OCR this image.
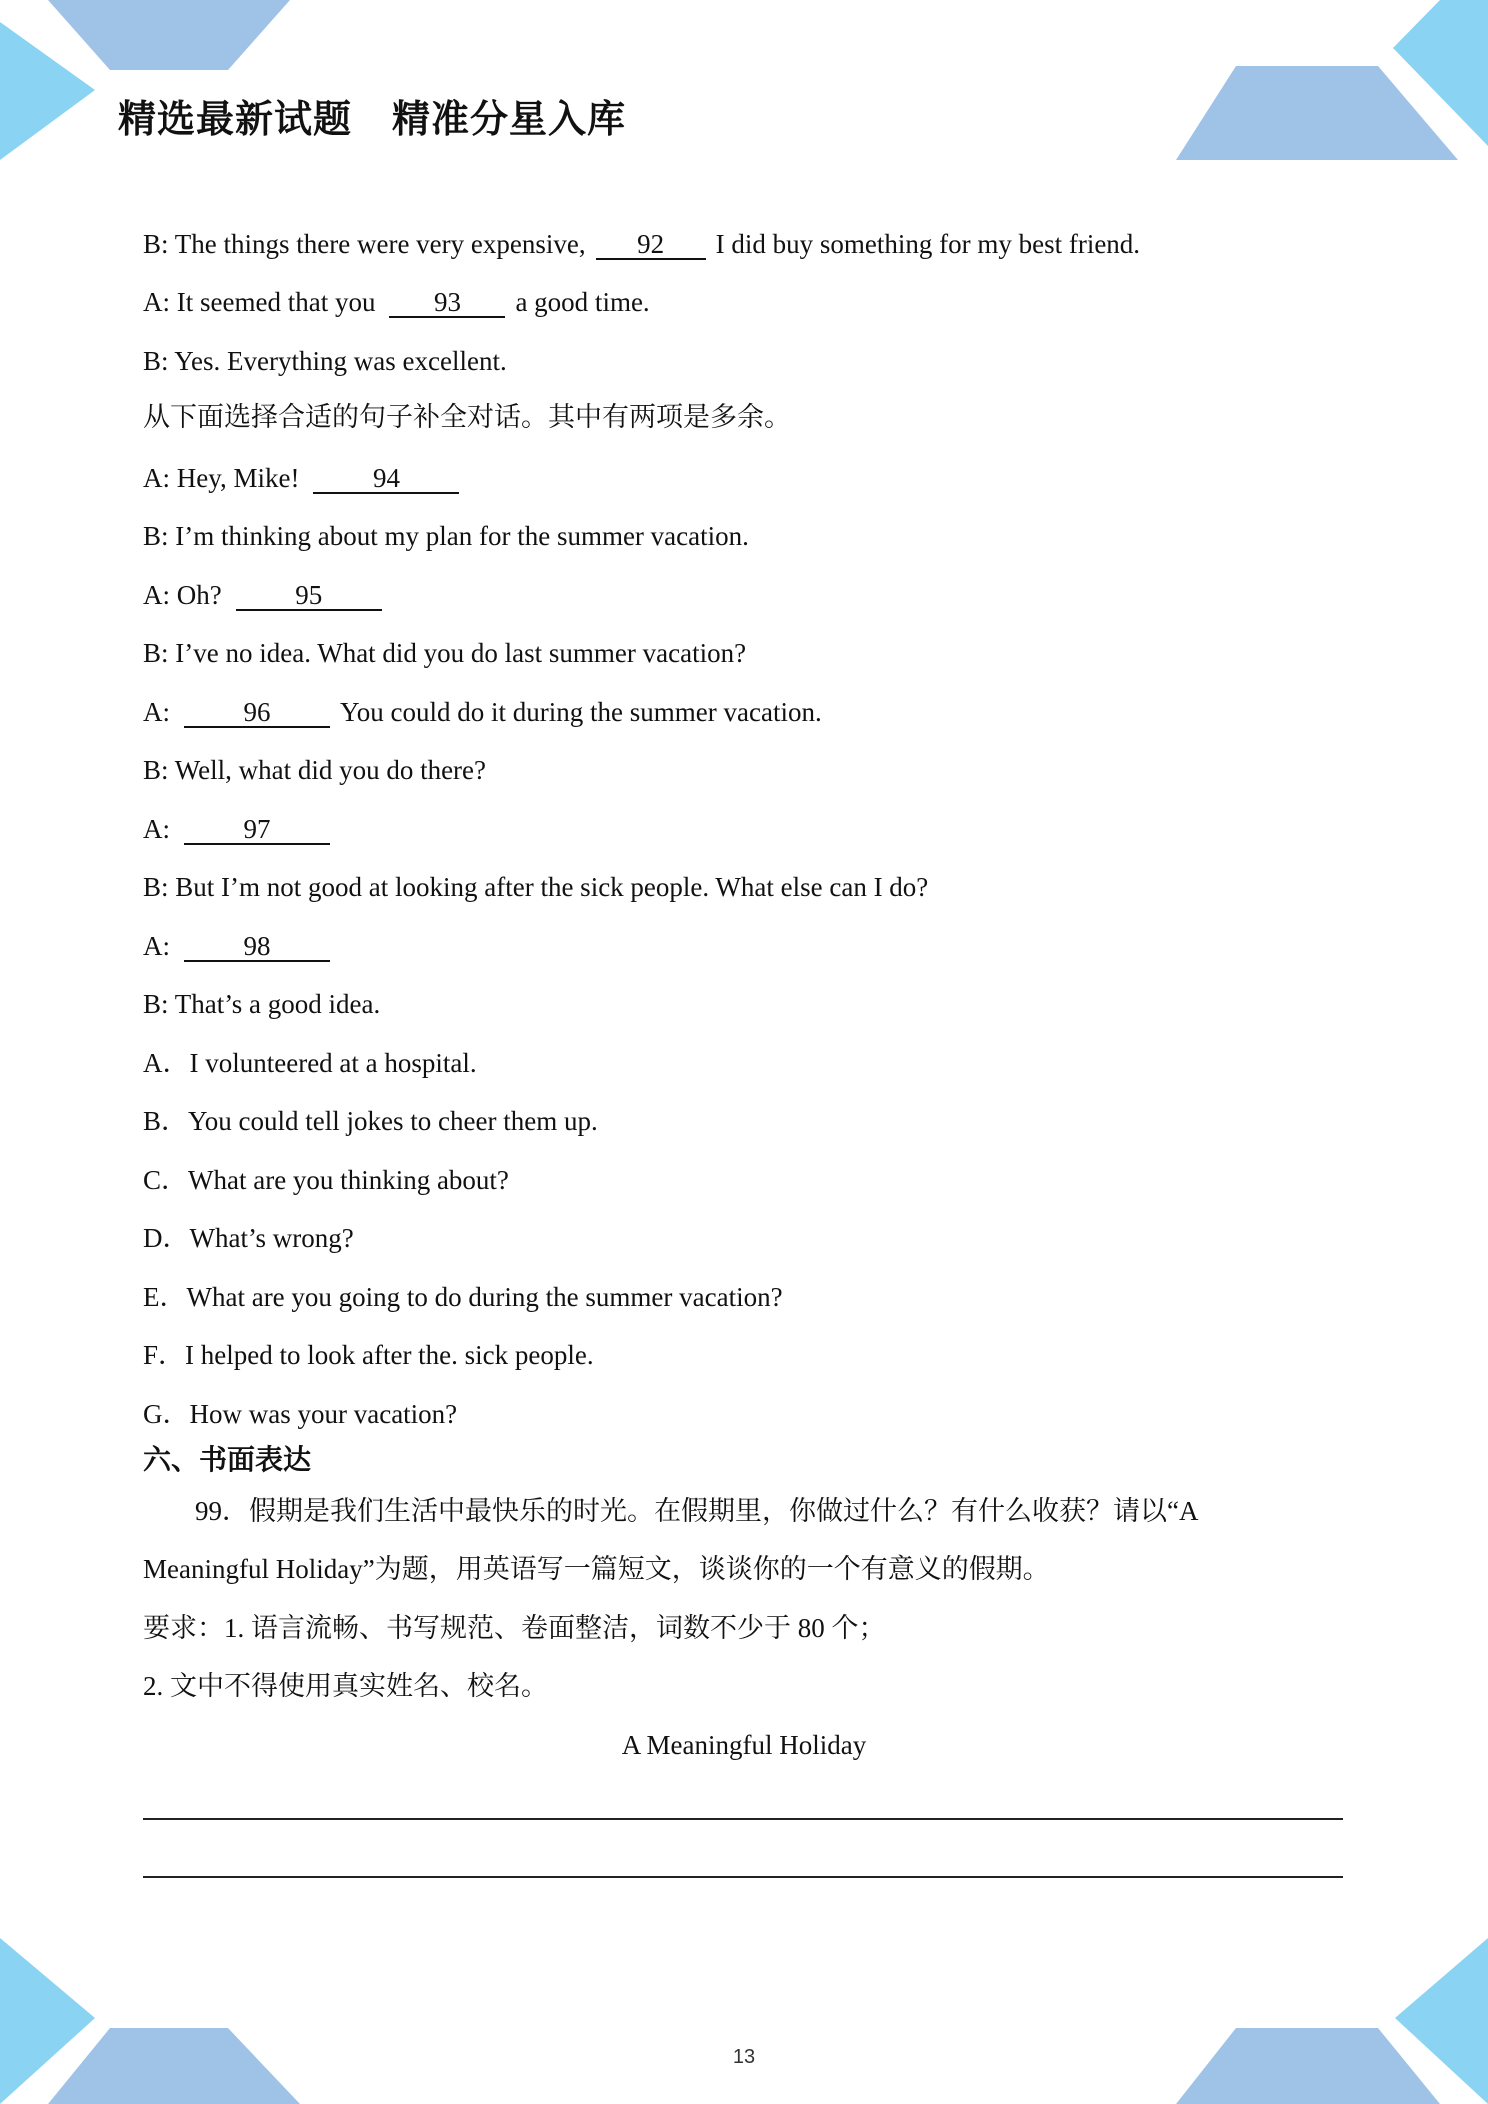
精选最新试题 精准分星入库
B: The things there were very expensive, 92 I did buy something for my best friend.
A: It seemed that you 93 a good time.
B: Yes. Everything was excellent.
从下面选择合适的句子补全对话。其中有两项是多余。
A: Hey, Mike!	94
B: I’m thinking about my plan for the summer vacation.
A: Oh?	95
B: I’ve no idea. What did you do last summer vacation?
A:	96	You could do it during the summer vacation.
B: Well, what did you do there?
A:	97
B: But I’m not good at looking after the sick people. What else can I do?
A:	98
B: That’s a good idea.
A．I volunteered at a hospital.
B．You could tell jokes to cheer them up.
C．What are you thinking about?
D．What’s wrong?
E．What are you going to do during the summer vacation?
F．I helped to look after the. sick people.
G．How was your vacation?
六、书面表达
99．假期是我们生活中最快乐的时光。在假期里，你做过什么？有什么收获？请以“A
Meaningful Holiday”为题，用英语写一篇短文，谈谈你的一个有意义的假期。
要求：1. 语言流畅、书写规范、卷面整洁，词数不少于 80 个；
2. 文中不得使用真实姓名、校名。
A Meaningful Holiday
13
